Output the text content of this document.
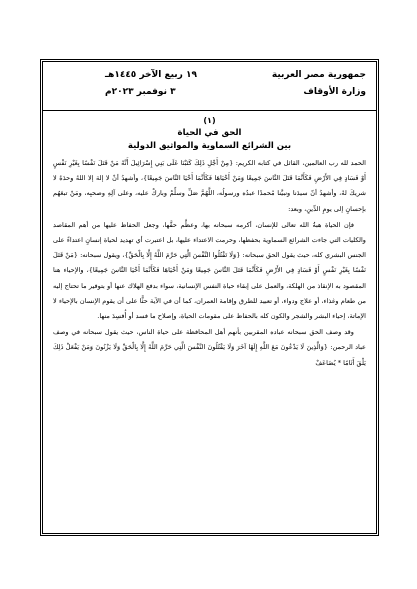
جمهورية مصر العربية
وزارة الأوقاف
١٩ ربيع الآخر ١٤٤٥هـ
٣ نوفمبر ٢٠٢٣م
(١)
الحق في الحياة
بين الشرائع السماوية والمواثيق الدولية

الحمد لله رب العالمين، القائل في كتابه الكريم: {مِنْ أَجْلِ ذَلِكَ كَتَبْنَا عَلَى بَنِي إِسْرَائِيلَ أَنَّهُ مَنْ قَتَلَ نَفْسًا بِغَيْرِ نَفْسٍ أَوْ فَسَادٍ فِي الأَرْضِ فَكَأَنَّمَا قَتَلَ النَّاسَ جَمِيعًا وَمَنْ أَحْيَاهَا فَكَأَنَّمَا أَحْيَا النَّاسَ جَمِيعًا}، وأشهدُ أنْ لا إلهَ إلا اللهُ وحدَهُ لا شريكَ لهُ، وأشهدُ أنّ سيدَنا ونبيَّنا مُحمدًا عبدُه ورسولُه، اللَّهُمَّ صَلِّ وسلِّمْ وباركْ عليه، وعلى آلِهِ وصحبِه، ومَنْ تبعَهُم بإحسانٍ إلى يومِ الدِّينِ، وبعد:

فإن الحياة هبةُ الله تعالى للإنسان، أكرمه سبحانه بها، وعظَّم حقَّها، وجعل الحفاظ عليها من أهم المقاصد والكليات التي جاءت الشرائع السماوية بحفظها، وحرمت الاعتداء عليها، بل اعتبرت أي تهديد لحياة إنسانٍ اعتداءً على الجنس البشري كله، حيث يقول الحق سبحانه: {وَلَا تَقْتُلُوا النَّفْسَ الَّتِي حَرَّمَ اللَّهُ إِلَّا بِالْحَقِّ}، ويقول سبحانه: {مَنْ قَتَلَ نَفْسًا بِغَيْرِ نَفْسٍ أَوْ فَسَادٍ فِي الأَرْضِ فَكَأَنَّمَا قَتَلَ النَّاسَ جَمِيعًا وَمَنْ أَحْيَاهَا فَكَأَنَّمَا أَحْيَا النَّاسَ جَمِيعًا}، والإحياء هنا المقصود به الإنقاذ من الهلكة، والعمل على إبقاء حياة النفس الإنسانية، سواء بدفع الهلاك عنها أو بتوفير ما تحتاج إليه من طعام وغذاء، أو علاج ودواء، أو تعبيد للطرق وإقامة العمران، كما أن في الآية حثًّا على أن يقوم الإنسان بالإحياء لا الإماتة، إحياء البشر والشجر والكون كله بالحفاظ على مقومات الحياة، وإصلاح ما فسد أو أُفسِدَ منها.

وقد وصف الحق سبحانه عباده المقربين بأنهم أهل المحافظة على حياة الناس، حيث يقول سبحانه في وصف عباد الرحمن: {وَالَّذِينَ لَا يَدْعُونَ مَعَ اللَّهِ إِلَهًا آخَرَ وَلَا يَقْتُلُونَ النَّفْسَ الَّتِي حَرَّمَ اللَّهُ إِلَّا بِالْحَقِّ وَلَا يَزْنُونَ وَمَنْ يَفْعَلْ ذَلِكَ يَلْقَ أَثَامًا * يُضَاعَفْ
